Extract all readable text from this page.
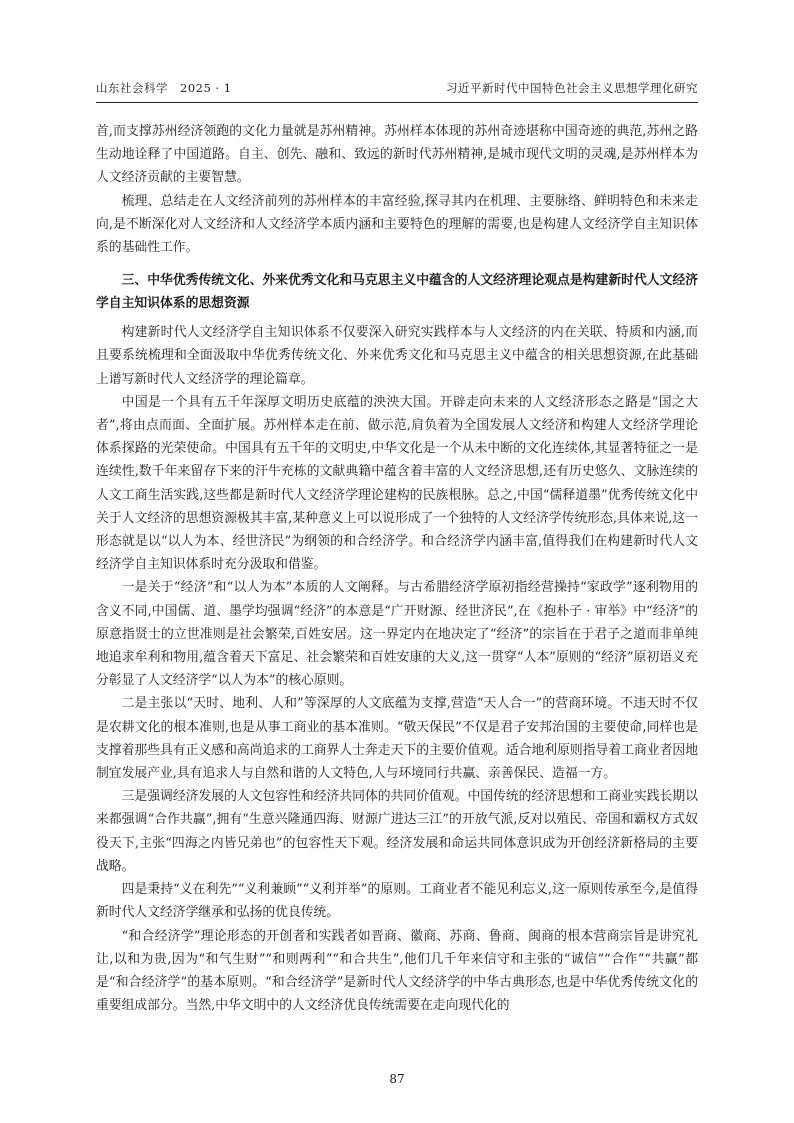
山东社会科学　2025 · 1	习近平新时代中国特色社会主义思想学理化研究

首,而支撑苏州经济领跑的文化力量就是苏州精神。苏州样本体现的苏州奇迹堪称中国奇迹的典范,苏州之路生动地诠释了中国道路。自主、创先、融和、致远的新时代苏州精神,是城市现代文明的灵魂,是苏州样本为人文经济贡献的主要智慧。

梳理、总结走在人文经济前列的苏州样本的丰富经验,探寻其内在机理、主要脉络、鲜明特色和未来走向,是不断深化对人文经济和人文经济学本质内涵和主要特色的理解的需要,也是构建人文经济学自主知识体系的基础性工作。

三、中华优秀传统文化、外来优秀文化和马克思主义中蕴含的人文经济理论观点是构建新时代人文经济学自主知识体系的思想资源

构建新时代人文经济学自主知识体系不仅要深入研究实践样本与人文经济的内在关联、特质和内涵,而且要系统梳理和全面汲取中华优秀传统文化、外来优秀文化和马克思主义中蕴含的相关思想资源,在此基础上谱写新时代人文经济学的理论篇章。

中国是一个具有五千年深厚文明历史底蕴的泱泱大国。开辟走向未来的人文经济形态之路是“国之大者”,将由点而面、全面扩展。苏州样本走在前、做示范,肩负着为全国发展人文经济和构建人文经济学理论体系探路的光荣使命。中国具有五千年的文明史,中华文化是一个从未中断的文化连续体,其显著特征之一是连续性,数千年来留存下来的汗牛充栋的文献典籍中蕴含着丰富的人文经济思想,还有历史悠久、文脉连续的人文工商生活实践,这些都是新时代人文经济学理论建构的民族根脉。总之,中国“儒释道墨”优秀传统文化中关于人文经济的思想资源极其丰富,某种意义上可以说形成了一个独特的人文经济学传统形态,具体来说,这一形态就是以“以人为本、经世济民”为纲领的和合经济学。和合经济学内涵丰富,值得我们在构建新时代人文经济学自主知识体系时充分汲取和借鉴。

一是关于“经济”和“以人为本”本质的人文阐释。与古希腊经济学原初指经营操持“家政学”逐利物用的含义不同,中国儒、道、墨学均强调“经济”的本意是“广开财源、经世济民”,在《抱朴子 · 审举》中“经济”的原意指贤士的立世准则是社会繁荣,百姓安居。这一界定内在地决定了“经济”的宗旨在于君子之道而非单纯地追求牟利和物用,蕴含着天下富足、社会繁荣和百姓安康的大义,这一贯穿“人本”原则的“经济”原初语义充分彰显了人文经济学“以人为本”的核心原则。

二是主张以“天时、地利、人和”等深厚的人文底蕴为支撑,营造“天人合一”的营商环境。不违天时不仅是农耕文化的根本准则,也是从事工商业的基本准则。“敬天保民”不仅是君子安邦治国的主要使命,同样也是支撑着那些具有正义感和高尚追求的工商界人士奔走天下的主要价值观。适合地利原则指导着工商业者因地制宜发展产业,具有追求人与自然和谐的人文特色,人与环境同行共赢、亲善保民、造福一方。

三是强调经济发展的人文包容性和经济共同体的共同价值观。中国传统的经济思想和工商业实践长期以来都强调“合作共赢”,拥有“生意兴隆通四海、财源广进达三江”的开放气派,反对以殖民、帝国和霸权方式奴役天下,主张“四海之内皆兄弟也”的包容性天下观。经济发展和命运共同体意识成为开创经济新格局的主要战略。

四是秉持“义在利先”“义利兼顾”“义利并举”的原则。工商业者不能见利忘义,这一原则传承至今,是值得新时代人文经济学继承和弘扬的优良传统。

“和合经济学”理论形态的开创者和实践者如晋商、徽商、苏商、鲁商、闽商的根本营商宗旨是讲究礼让,以和为贵,因为“和气生财”“和则两利”“和合共生”,他们几千年来信守和主张的“诚信”“合作”“共赢”都是“和合经济学”的基本原则。“和合经济学”是新时代人文经济学的中华古典形态,也是中华优秀传统文化的重要组成部分。当然,中华文明中的人文经济优良传统需要在走向现代化的

87
